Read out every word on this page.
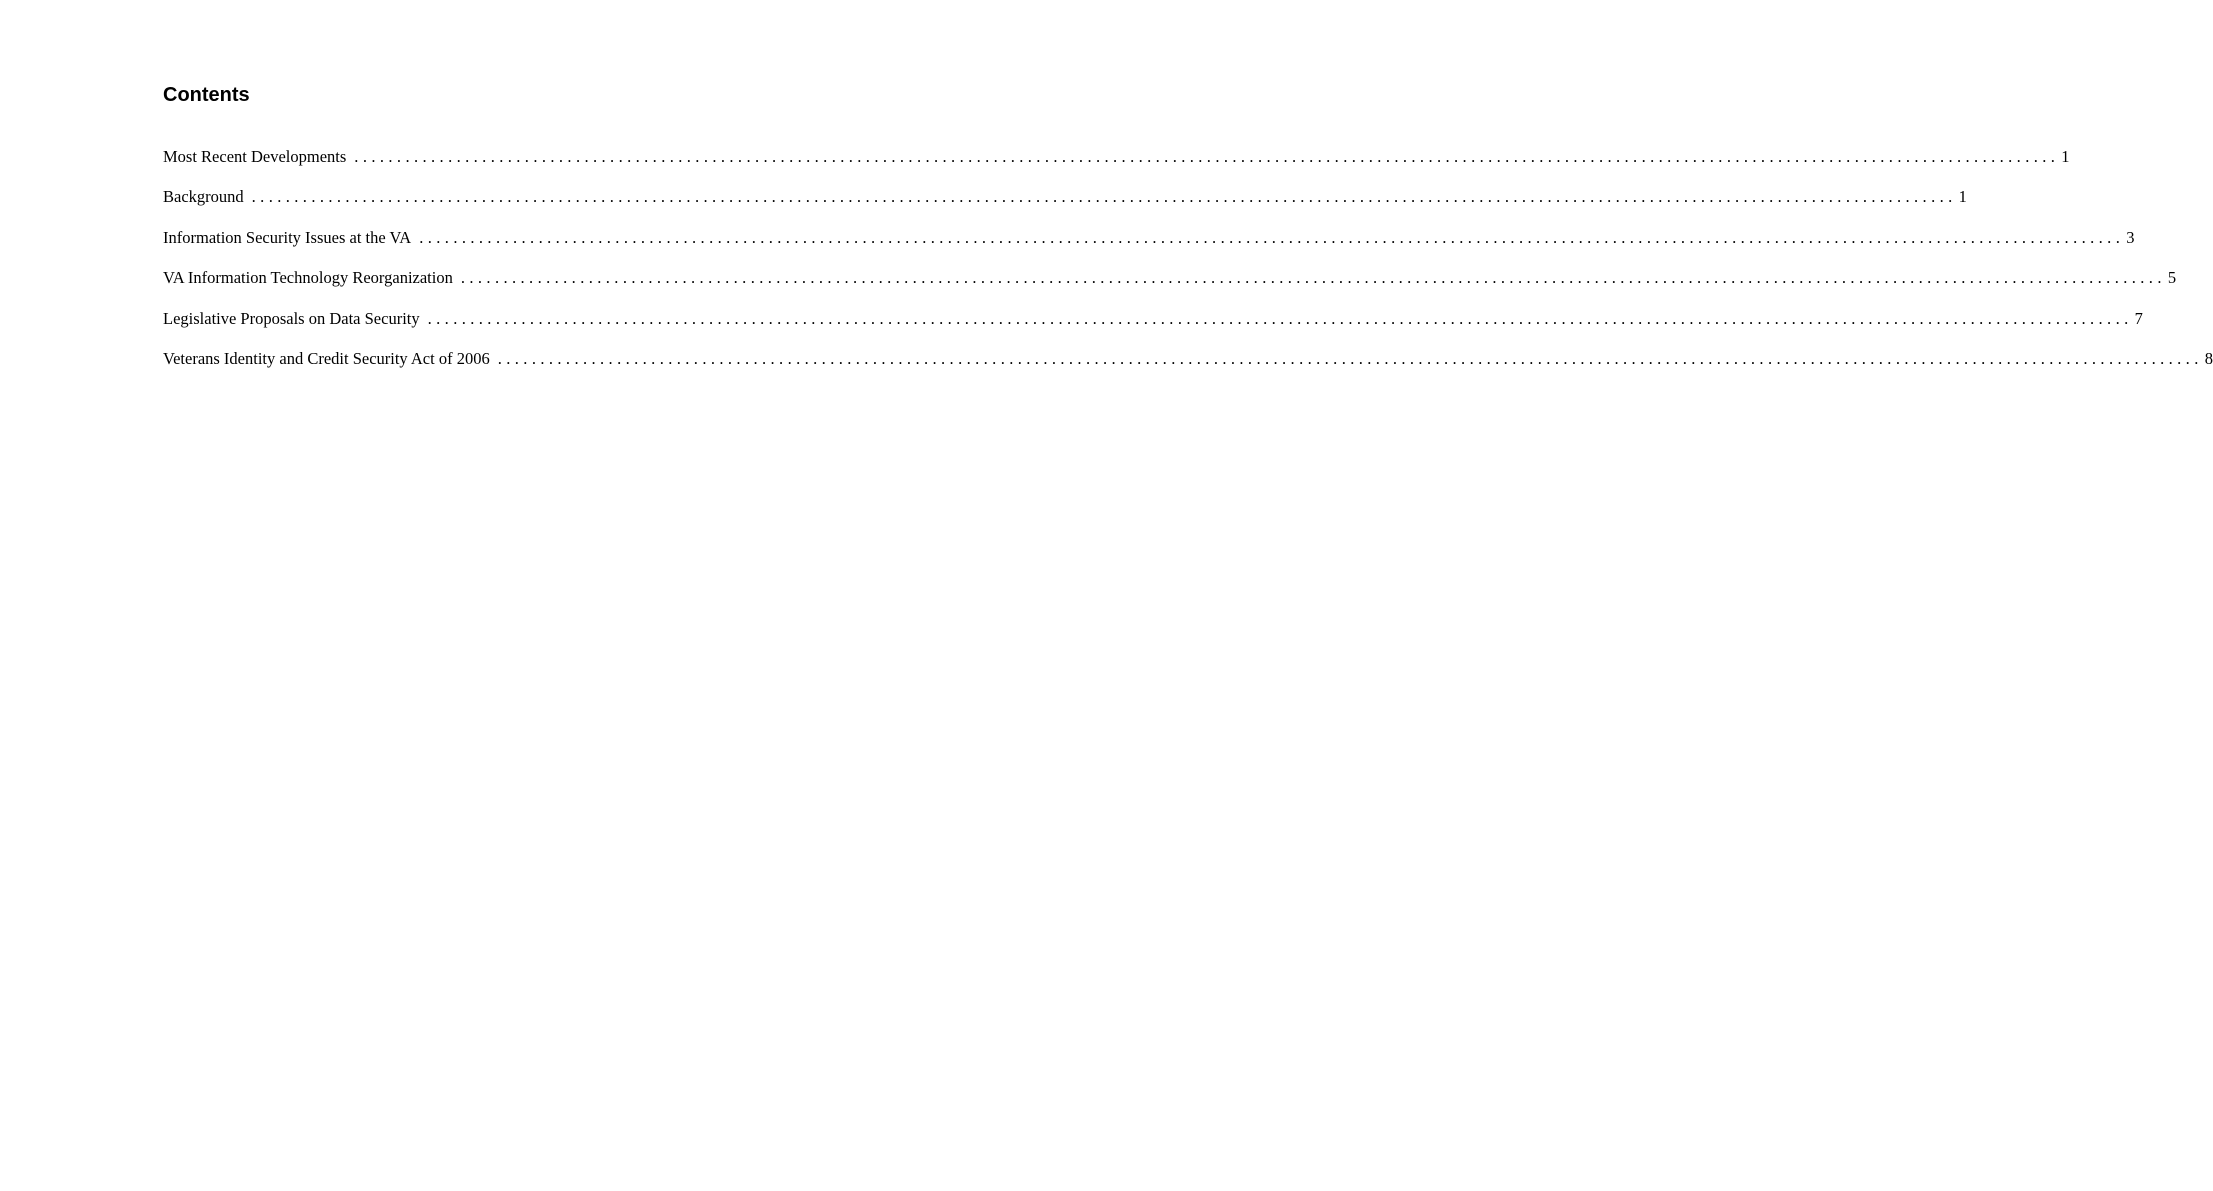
Contents
Most Recent Developments ........................................................................................................................................................................................................ 1
Background ........................................................................................................................................................................................................ 1
Information Security Issues at the VA ........................................................................................................................................................................................................ 3
VA Information Technology Reorganization ........................................................................................................................................................................................................ 5
Legislative Proposals on Data Security ........................................................................................................................................................................................................ 7
Veterans Identity and Credit Security Act of 2006 ........................................................................................................................................................................................................ 8
